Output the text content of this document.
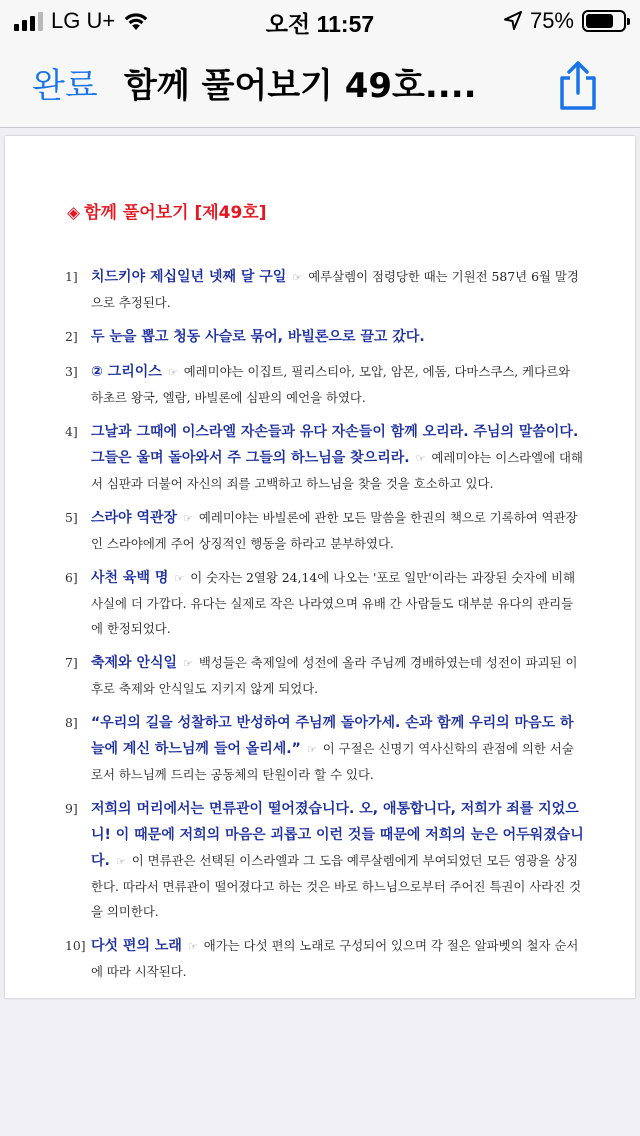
LG U+	오전 11:57	75%
완료 함께 풀어보기 49호....
◈ 함께 풀어보기 [제49호]
1] 치드키야 제십일년 넷째 달 구일 ☞ 예루살렘이 점령당한 때는 기원전 587년 6월 말경으로 추정된다.
2] 두 눈을 뽑고 청동 사슬로 묶어, 바빌론으로 끌고 갔다.
3] ② 그리이스 ☞ 예레미야는 이집트, 필리스티아, 모압, 암몬, 에돔, 다마스쿠스, 케다르와 하초르 왕국, 엘람, 바빌론에 심판의 예언을 하였다.
4] 그날과 그때에 이스라엘 자손들과 유다 자손들이 함께 오리라. 주님의 말씀이다. 그들은 울며 돌아와서 주 그들의 하느님을 찾으리라. ☞ 예레미야는 이스라엘에 대해서 심판과 더불어 자신의 죄를 고백하고 하느님을 찾을 것을 호소하고 있다.
5] 스라야 역관장 ☞ 예레미야는 바빌론에 관한 모든 말씀을 한권의 책으로 기록하여 역관장인 스라야에게 주어 상징적인 행동을 하라고 분부하였다.
6] 사천 육백 명 ☞ 이 숫자는 2열왕 24,14에 나오는 '포로 일만'이라는 과장된 숫자에 비해 사실에 더 가깝다. 유다는 실제로 작은 나라였으며 유배 간 사람들도 대부분 유다의 관리들에 한정되었다.
7] 축제와 안식일 ☞ 백성들은 축제일에 성전에 올라 주님께 경배하였는데 성전이 파괴된 이후로 축제와 안식일도 지키지 않게 되었다.
8] “우리의 길을 성찰하고 반성하여 주님께 돌아가세. 손과 함께 우리의 마음도 하늘에 계신 하느님께 들어 올리세.” ☞ 이 구절은 신명기 역사신학의 관점에 의한 서술로서 하느님께 드리는 공동체의 탄원이라 할 수 있다.
9] 저희의 머리에서는 면류관이 떨어졌습니다. 오, 애통합니다, 저희가 죄를 지었으니! 이 때문에 저희의 마음은 괴롭고 이런 것들 때문에 저희의 눈은 어두워졌습니다. ☞ 이 면류관은 선택된 이스라엘과 그 도읍 예루살렘에게 부여되었던 모든 영광을 상징한다. 따라서 면류관이 떨어졌다고 하는 것은 바로 하느님으로부터 주어진 특권이 사라진 것을 의미한다.
10] 다섯 편의 노래 ☞ 애가는 다섯 편의 노래로 구성되어 있으며 각 절은 알파벳의 철자 순서에 따라 시작된다.
